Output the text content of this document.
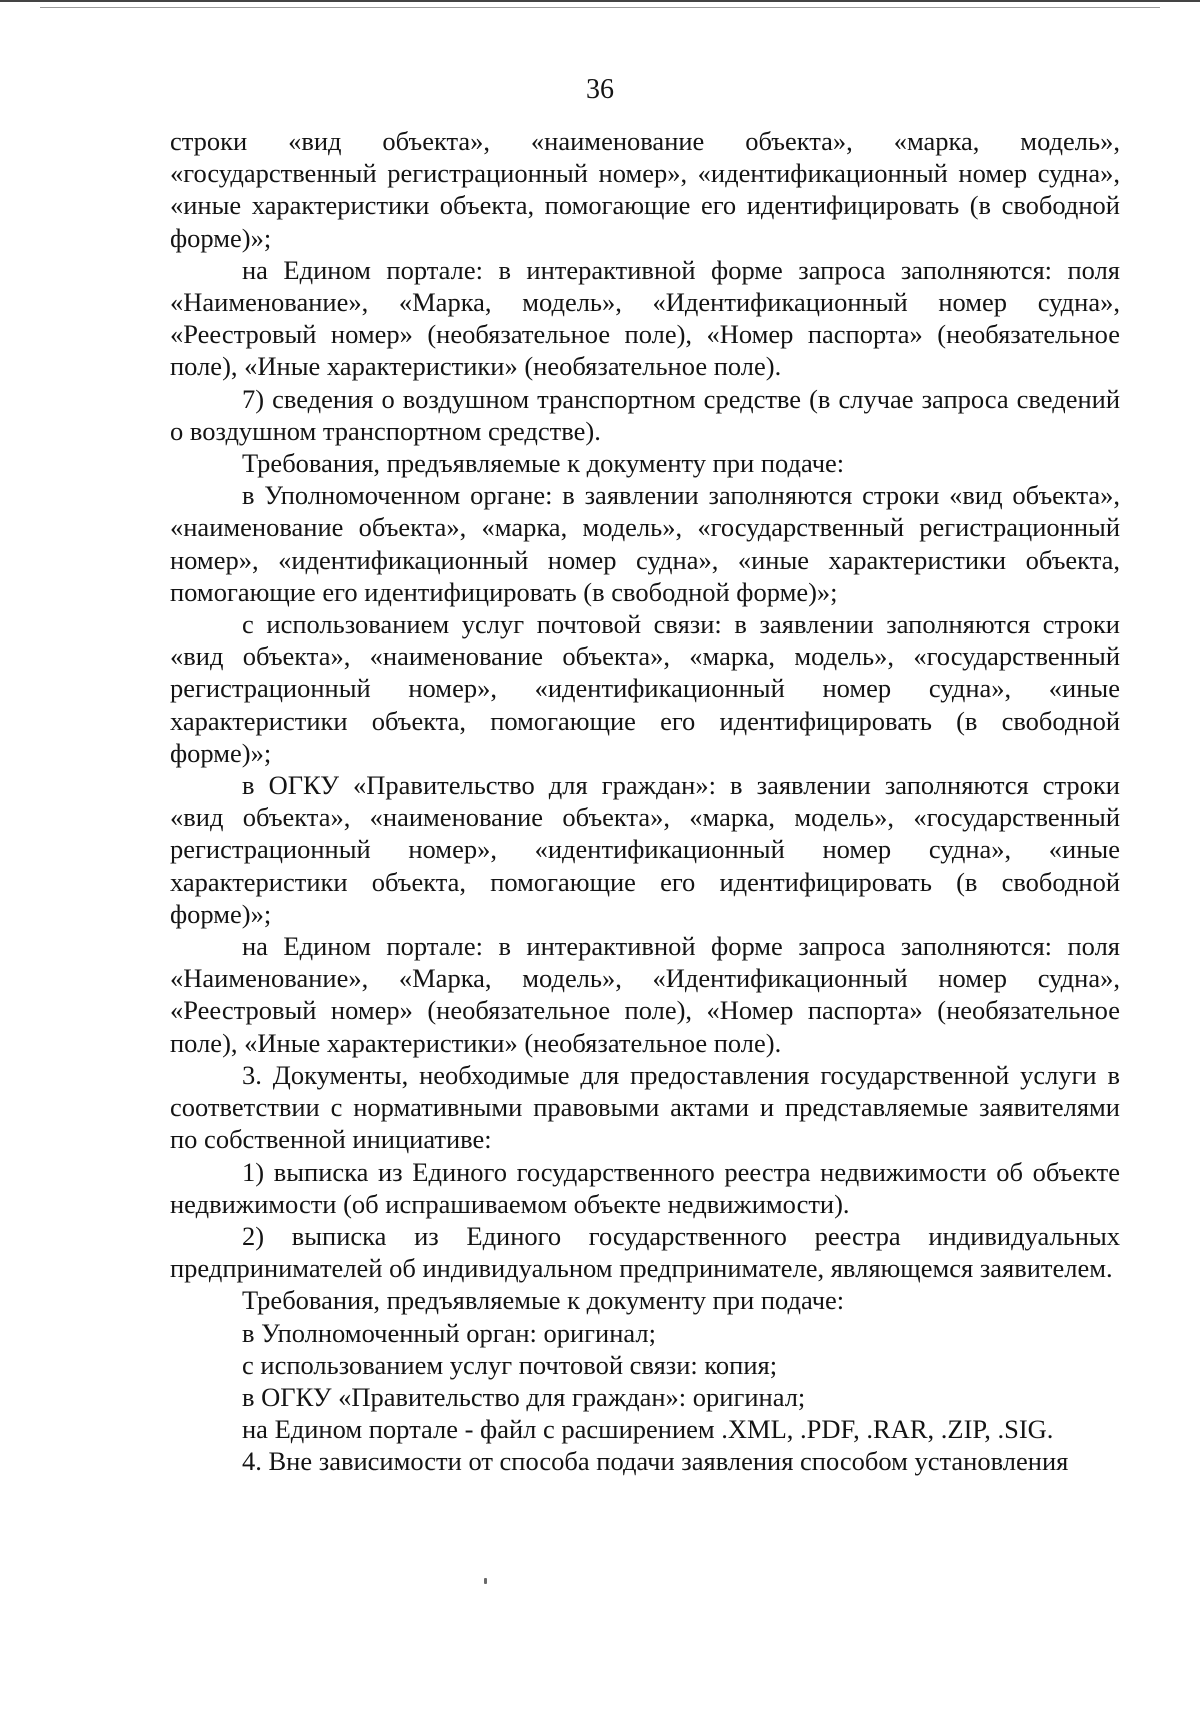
36

строки «вид объекта», «наименование объекта», «марка, модель», «государственный регистрационный номер», «идентификационный номер судна», «иные характеристики объекта, помогающие его идентифицировать (в свободной форме)»;

на Едином портале: в интерактивной форме запроса заполняются: поля «Наименование», «Марка, модель», «Идентификационный номер судна», «Реестровый номер» (необязательное поле), «Номер паспорта» (необязательное поле), «Иные характеристики» (необязательное поле).

7) сведения о воздушном транспортном средстве (в случае запроса сведений о воздушном транспортном средстве).

Требования, предъявляемые к документу при подаче:

в Уполномоченном органе: в заявлении заполняются строки «вид объекта», «наименование объекта», «марка, модель», «государственный регистрационный номер», «идентификационный номер судна», «иные характеристики объекта, помогающие его идентифицировать (в свободной форме)»;

с использованием услуг почтовой связи: в заявлении заполняются строки «вид объекта», «наименование объекта», «марка, модель», «государственный регистрационный номер», «идентификационный номер судна», «иные характеристики объекта, помогающие его идентифицировать (в свободной форме)»;

в ОГКУ «Правительство для граждан»: в заявлении заполняются строки «вид объекта», «наименование объекта», «марка, модель», «государственный регистрационный номер», «идентификационный номер судна», «иные характеристики объекта, помогающие его идентифицировать (в свободной форме)»;

на Едином портале: в интерактивной форме запроса заполняются: поля «Наименование», «Марка, модель», «Идентификационный номер судна», «Реестровый номер» (необязательное поле), «Номер паспорта» (необязательное поле), «Иные характеристики» (необязательное поле).

3. Документы, необходимые для предоставления государственной услуги в соответствии с нормативными правовыми актами и представляемые заявителями по собственной инициативе:

1) выписка из Единого государственного реестра недвижимости об объекте недвижимости (об испрашиваемом объекте недвижимости).

2) выписка из Единого государственного реестра индивидуальных предпринимателей об индивидуальном предпринимателе, являющемся заявителем.

Требования, предъявляемые к документу при подаче:

в Уполномоченный орган: оригинал;

с использованием услуг почтовой связи: копия;

в ОГКУ «Правительство для граждан»: оригинал;

на Едином портале - файл с расширением .XML, .PDF, .RAR, .ZIP, .SIG.

4. Вне зависимости от способа подачи заявления способом установления
